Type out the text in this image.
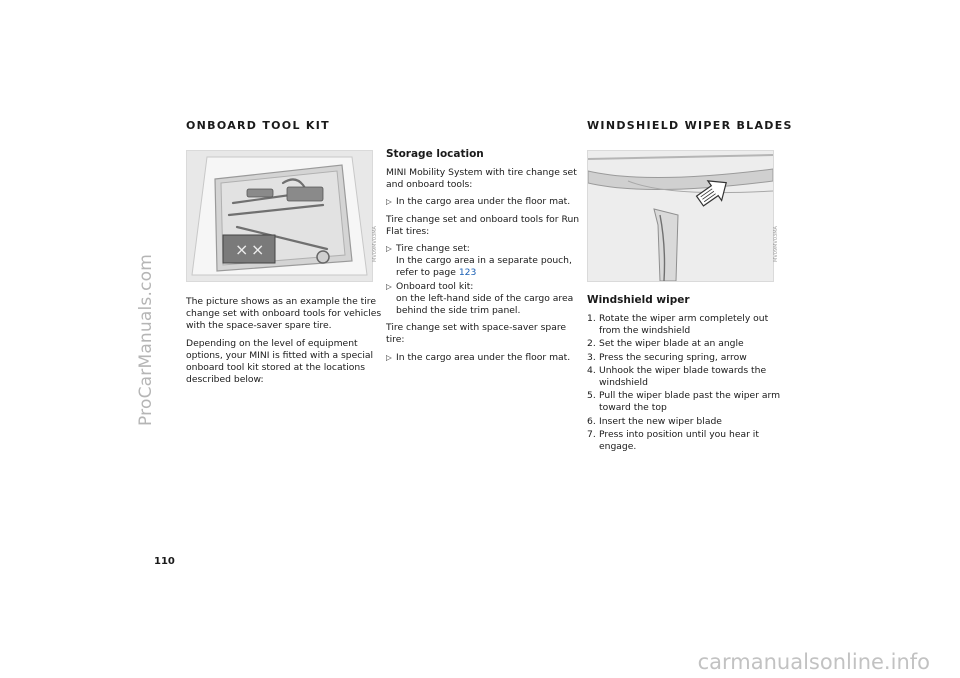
ProCarManuals.com
carmanualsonline.info
ONBOARD TOOL KIT	WINDSHIELD WIPER BLADES
× ×	MV09MV03MA

The picture shows as an example the tire change set with onboard tools for vehicles with the space-saver spare tire.

Depending on the level of equipment options, your MINI is fitted with a special onboard tool kit stored at the locations described below:

Storage location

MINI Mobility System with tire change set and onboard tools:

▷ In the cargo area under the floor mat.

Tire change set and onboard tools for Run Flat tires:

▷ Tire change set:
In the cargo area in a separate pouch, refer to page 123
▷ Onboard tool kit:
on the left-hand side of the cargo area behind the side trim panel.

Tire change set with space-saver spare tire:

▷ In the cargo area under the floor mat.
MV09MV03MA
Windshield wiper
1. Rotate the wiper arm completely out from the windshield
2. Set the wiper blade at an angle
3. Press the securing spring, arrow
4. Unhook the wiper blade towards the windshield
5. Pull the wiper blade past the wiper arm toward the top
6. Insert the new wiper blade
7. Press into position until you hear it engage.
110
